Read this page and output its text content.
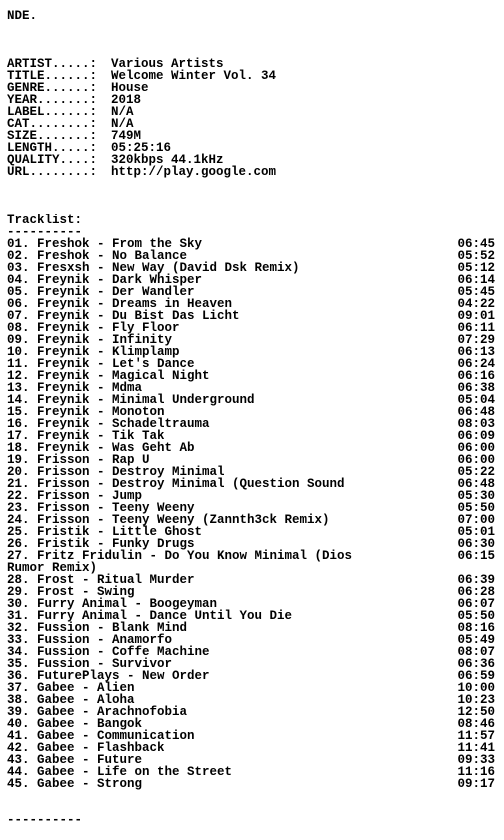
NDE.
ARTIST.....: Various Artists
TITLE......: Welcome Winter Vol. 34
GENRE......: House
YEAR.......: 2018
LABEL......: N/A
CAT........: N/A
SIZE.......: 749M
LENGTH.....: 05:25:16
QUALITY....: 320kbps 44.1kHz
URL........: http://play.google.com
Tracklist:
----------
01. Freshok - From the Sky	06:45
02. Freshok - No Balance	05:52
03. Fresxsh - New Way (David Dsk Remix)	05:12
04. Freynik - Dark Whisper	06:14
05. Freynik - Der Wandler	05:45
06. Freynik - Dreams in Heaven	04:22
07. Freynik - Du Bist Das Licht	09:01
08. Freynik - Fly Floor	06:11
09. Freynik - Infinity	07:29
10. Freynik - Klimplamp	06:13
11. Freynik - Let's Dance	06:24
12. Freynik - Magical Night	06:16
13. Freynik - Mdma	06:38
14. Freynik - Minimal Underground	05:04
15. Freynik - Monoton	06:48
16. Freynik - Schadeltrauma	08:03
17. Freynik - Tik Tak	06:09
18. Freynik - Was Geht Ab	06:00
19. Frisson - Rap U	06:00
20. Frisson - Destroy Minimal	05:22
21. Frisson - Destroy Minimal (Question Sound	06:48
22. Frisson - Jump	05:30
23. Frisson - Teeny Weeny	05:50
24. Frisson - Teeny Weeny (Zannth3ck Remix)	07:00
25. Fristik - Little Ghost	05:01
26. Fristik - Funky Drugs	06:30
27. Fritz Fridulin - Do You Know Minimal (Dios
Rumor Remix)
06:15
28. Frost - Ritual Murder	06:39
29. Frost - Swing	06:28
30. Furry Animal - Boogeyman	06:07
31. Furry Animal - Dance Until You Die	05:50
32. Fussion - Blank Mind	08:16
33. Fussion - Anamorfo	05:49
34. Fussion - Coffe Machine	08:07
35. Fussion - Survivor	06:36
36. FuturePlays - New Order	06:59
37. Gabee - Alien	10:00
38. Gabee - Aloha	10:23
39. Gabee - Arachnofobia	12:50
40. Gabee - Bangok	08:46
41. Gabee - Communication	11:57
42. Gabee - Flashback	11:41
43. Gabee - Future	09:33
44. Gabee - Life on the Street	11:16
45. Gabee - Strong	09:17
----------
